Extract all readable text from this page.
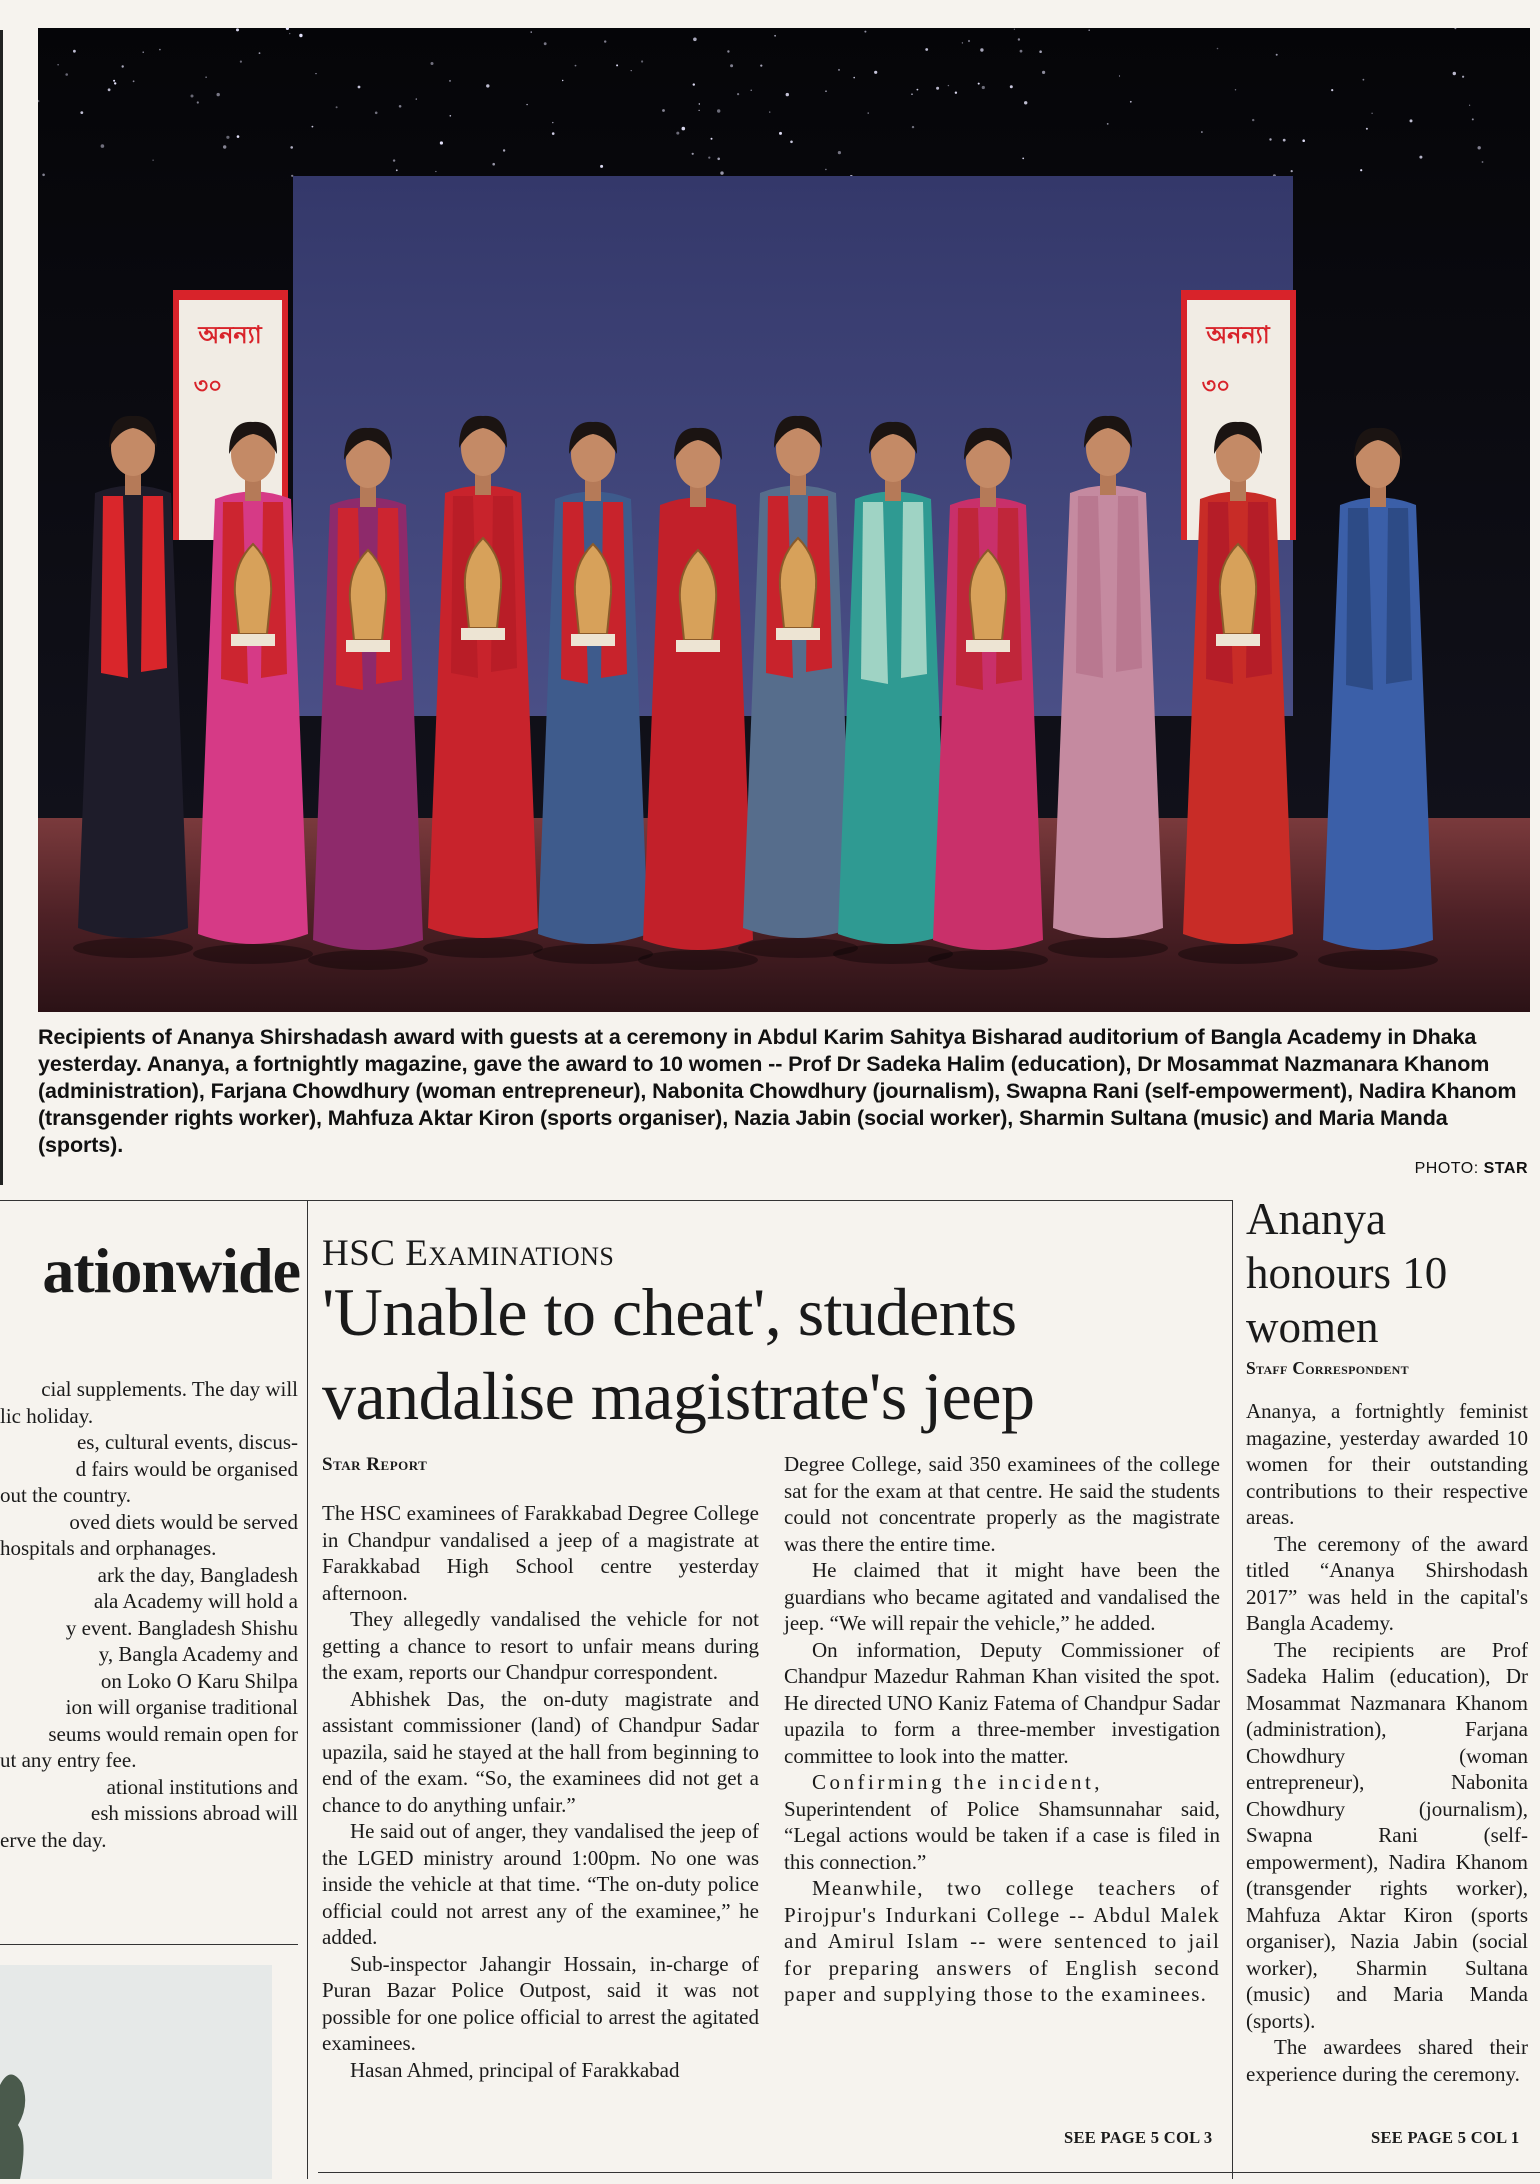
অনন্যা
৩০
অনন্যা
৩০
Recipients of Ananya Shirshadash award with guests at a ceremony in Abdul Karim Sahitya Bisharad auditorium of Bangla Academy in Dhaka yesterday. Ananya, a fortnightly magazine, gave the award to 10 women -- Prof Dr Sadeka Halim (education), Dr Mosammat Nazmanara Khanom (administration), Farjana Chowdhury (woman entrepreneur), Nabonita Chowdhury (journalism), Swapna Rani (self-empowerment), Nadira Khanom (transgender rights worker), Mahfuza Aktar Kiron (sports organiser), Nazia Jabin (social worker), Sharmin Sultana (music) and Maria Manda (sports).
PHOTO: STAR
ationwide
cial supplements. The day will
lic holiday.
es, cultural events, discus-
d fairs would be organised
out the country.
oved diets would be served
hospitals and orphanages.
ark the day, Bangladesh
ala Academy will hold a
y event. Bangladesh Shishu
y, Bangla Academy and
on Loko O Karu Shilpa
ion will organise traditional
seums would remain open for
ut any entry fee.
ational institutions and
esh missions abroad will
erve the day.
HSC Examinations
'Unable to cheat', students vandalise magistrate's jeep
Star Report

The HSC examinees of Farakkabad Degree College in Chandpur vandalised a jeep of a magistrate at Farakkabad High School centre yesterday afternoon.

They allegedly vandalised the vehicle for not getting a chance to resort to unfair means during the exam, reports our Chandpur correspondent.

Abhishek Das, the on-duty magistrate and assistant commissioner (land) of Chandpur Sadar upazila, said he stayed at the hall from beginning to end of the exam. “So, the examinees did not get a chance to do anything unfair.”

He said out of anger, they vandalised the jeep of the LGED ministry around 1:00pm. No one was inside the vehicle at that time. “The on-duty police official could not arrest any of the examinee,” he added.

Sub-inspector Jahangir Hossain, in-charge of Puran Bazar Police Outpost, said it was not possible for one police official to arrest the agitated examinees.

Hasan Ahmed, principal of Farakkabad

Degree College, said 350 examinees of the college sat for the exam at that centre. He said the students could not concentrate properly as the magistrate was there the entire time.

He claimed that it might have been the guardians who became agitated and vandalised the jeep. “We will repair the vehicle,” he added.

On information, Deputy Commissioner of Chandpur Mazedur Rahman Khan visited the spot. He directed UNO Kaniz Fatema of Chandpur Sadar upazila to form a three-member investigation committee to look into the matter.

Confirming the incident,

Superintendent of Police Shamsunnahar said, “Legal actions would be taken if a case is filed in this connection.”

Meanwhile, two college teachers of Pirojpur's Indurkani College -- Abdul Malek and Amirul Islam -- were sentenced to jail for preparing answers of English second paper and supplying those to the examinees.

SEE PAGE 5 COL 3
Ananya honours 10 women
Staff Correspondent

Ananya, a fortnightly feminist magazine, yesterday awarded 10 women for their outstanding contributions to their respective areas.

The ceremony of the award titled “Ananya Shirshodash 2017” was held in the capital's Bangla Academy.

The recipients are Prof Sadeka Halim (education), Dr Mosammat Nazmanara Khanom (administration), Farjana Chowdhury (woman entrepreneur), Nabonita Chowdhury (journalism), Swapna Rani (self-empowerment), Nadira Khanom (transgender rights worker), Mahfuza Aktar Kiron (sports organiser), Nazia Jabin (social worker), Sharmin Sultana (music) and Maria Manda (sports).

The awardees shared their experience during the ceremony.

SEE PAGE 5 COL 1
